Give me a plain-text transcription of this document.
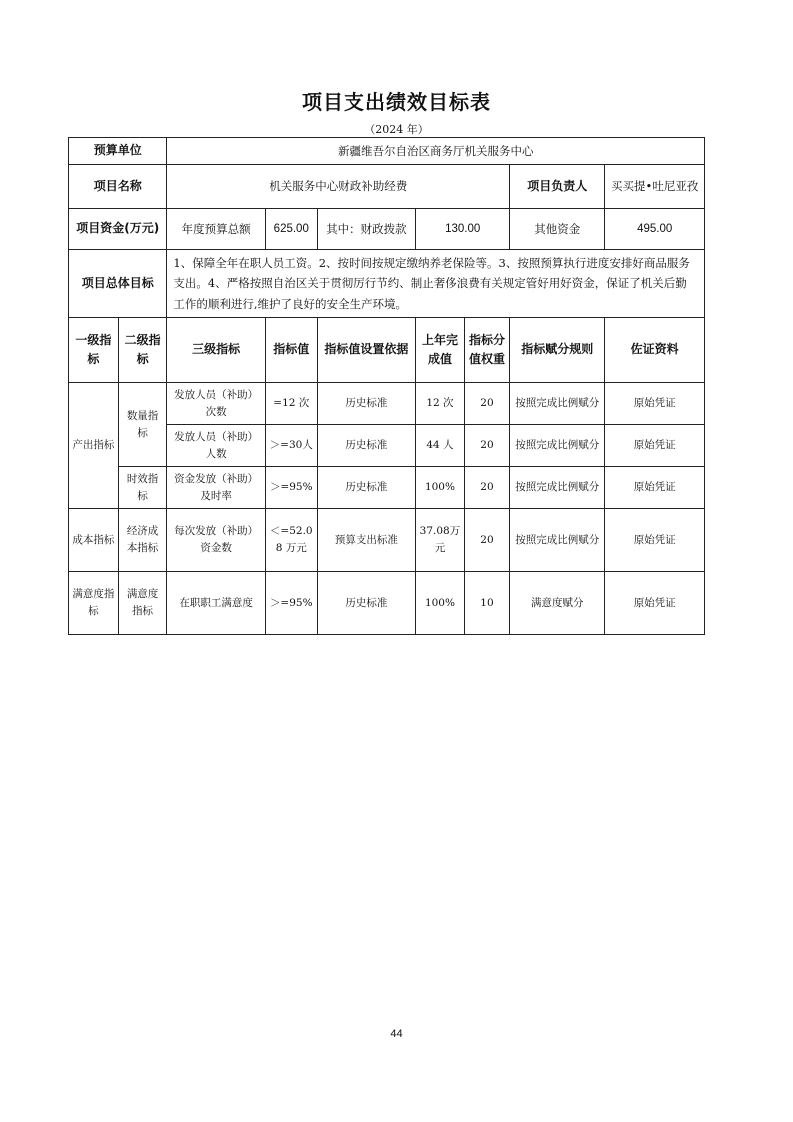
项目支出绩效目标表
（2024 年）
预算单位		新疆维吾尔自治区商务厅机关服务中心						
项目名称		机关服务中心财政补助经费					项目负责人	买买提•吐尼亚孜
项目资金(万元)		年度预算总额	625.00	其中：财政拨款	130.00		其他资金	495.00
项目总体目标		1、保障全年在职人员工资。2、按时间按规定缴纳养老保险等。3、按照预算执行进度安排好商品服务支出。4、严格按照自治区关于贯彻厉行节约、制止奢侈浪费有关规定管好用好资金，保证了机关后勤工作的顺利进行,维护了良好的安全生产环境。						
一级指标	二级指标	三级指标	指标值	指标值设置依据	上年完成值	指标分值权重	指标赋分规则	佐证资料
产出指标	数量指标	发放人员（补助）次数	=12 次	历史标准	12 次	20	按照完成比例赋分	原始凭证
		发放人员（补助）人数	＞=30人	历史标准	44 人	20	按照完成比例赋分	原始凭证
	时效指标	资金发放（补助）及时率	＞=95%	历史标准	100%	20	按照完成比例赋分	原始凭证
成本指标	经济成本指标	每次发放（补助）资金数	＜=52.08 万元	预算支出标准	37.08万元	20	按照完成比例赋分	原始凭证
满意度指标	满意度指标	在职职工满意度	＞=95%	历史标准	100%	10	满意度赋分	原始凭证
44
